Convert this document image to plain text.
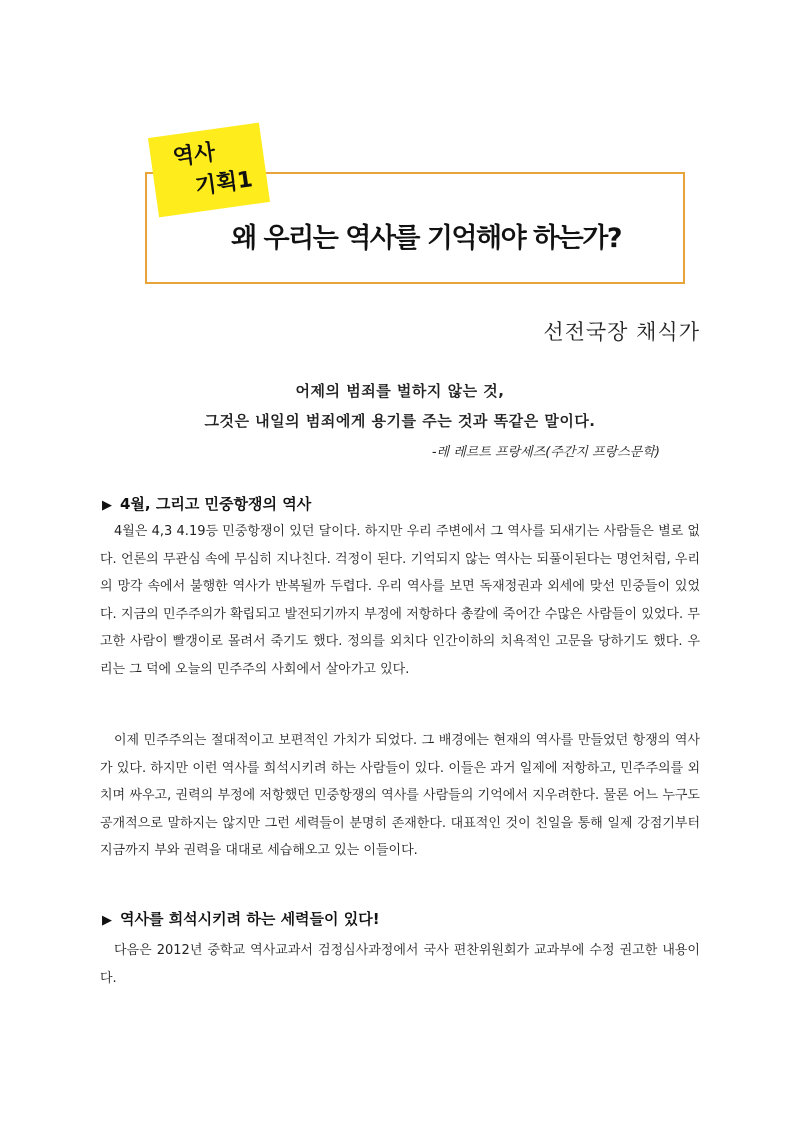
왜 우리는 역사를 기억해야 하는가?
역사
기획1
선전국장 채식가
어제의 범죄를 벌하지 않는 것,
그것은 내일의 범죄에게 용기를 주는 것과 똑같은 말이다.
-레 레르트 프랑세즈(주간지 프랑스문학)
▶ 4월, 그리고 민중항쟁의 역사

4월은 4,3 4.19등 민중항쟁이 있던 달이다. 하지만 우리 주변에서 그 역사를 되새기는 사람들은 별로 없다. 언론의 무관심 속에 무심히 지나친다. 걱정이 된다. 기억되지 않는 역사는 되풀이된다는 명언처럼, 우리의 망각 속에서 불행한 역사가 반복될까 두렵다. 우리 역사를 보면 독재정권과 외세에 맞선 민중들이 있었다. 지금의 민주주의가 확립되고 발전되기까지 부정에 저항하다 총칼에 죽어간 수많은 사람들이 있었다. 무고한 사람이 빨갱이로 몰려서 죽기도 했다. 정의를 외치다 인간이하의 치욕적인 고문을 당하기도 했다. 우리는 그 덕에 오늘의 민주주의 사회에서 살아가고 있다.

이제 민주주의는 절대적이고 보편적인 가치가 되었다. 그 배경에는 현재의 역사를 만들었던 항쟁의 역사가 있다. 하지만 이런 역사를 희석시키려 하는 사람들이 있다. 이들은 과거 일제에 저항하고, 민주주의를 외치며 싸우고, 권력의 부정에 저항했던 민중항쟁의 역사를 사람들의 기억에서 지우려한다. 물론 어느 누구도 공개적으로 말하지는 않지만 그런 세력들이 분명히 존재한다. 대표적인 것이 친일을 통해 일제 강점기부터 지금까지 부와 권력을 대대로 세습해오고 있는 이들이다.

▶ 역사를 희석시키려 하는 세력들이 있다!

다음은 2012년 중학교 역사교과서 검정심사과정에서 국사 편찬위원회가 교과부에 수정 권고한 내용이다.
